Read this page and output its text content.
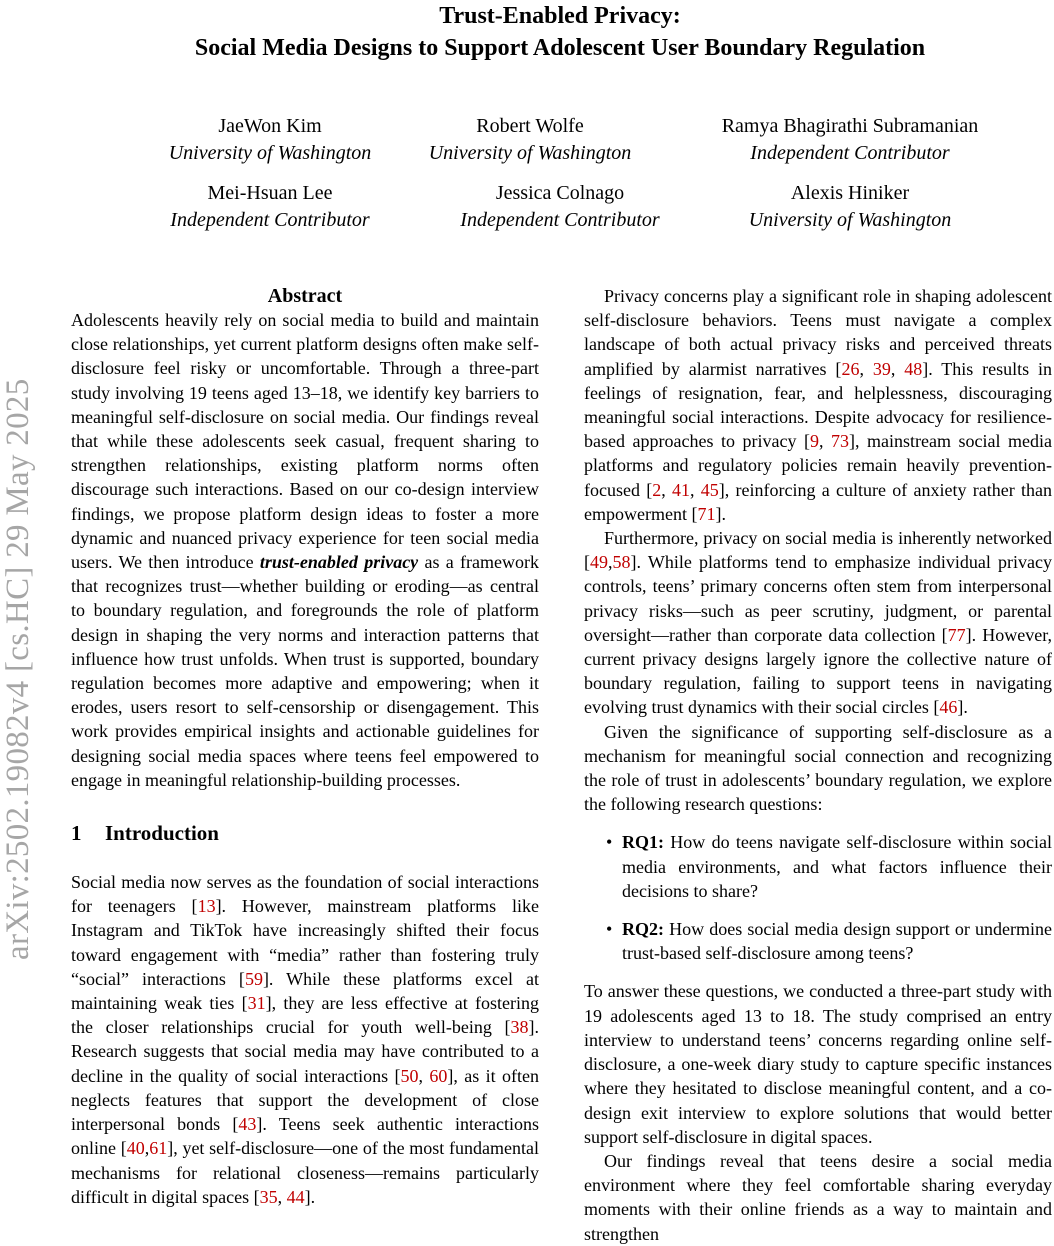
arXiv:2502.19082v4 [cs.HC] 29 May 2025
Trust-Enabled Privacy:
Social Media Designs to Support Adolescent User Boundary Regulation
JaeWon Kim
University of Washington
Robert Wolfe
University of Washington
Ramya Bhagirathi Subramanian
Independent Contributor
Mei-Hsuan Lee
Independent Contributor
Jessica Colnago
Independent Contributor
Alexis Hiniker
University of Washington
Abstract

Adolescents heavily rely on social media to build and maintain close relationships, yet current platform designs often make self-disclosure feel risky or uncomfortable. Through a three-part study involving 19 teens aged 13–18, we identify key barriers to meaningful self-disclosure on social media. Our findings reveal that while these adolescents seek casual, frequent sharing to strengthen relationships, existing platform norms often discourage such interactions. Based on our co-design interview findings, we propose platform design ideas to foster a more dynamic and nuanced privacy experience for teen social media users. We then introduce trust-enabled privacy as a framework that recognizes trust—whether building or eroding—as central to boundary regulation, and foregrounds the role of platform design in shaping the very norms and interaction patterns that influence how trust unfolds. When trust is supported, boundary regulation becomes more adaptive and empowering; when it erodes, users resort to self-censorship or disengagement. This work provides empirical insights and actionable guidelines for designing social media spaces where teens feel empowered to engage in meaningful relationship-building processes.

1 Introduction

Social media now serves as the foundation of social interactions for teenagers [13]. However, mainstream platforms like Instagram and TikTok have increasingly shifted their focus toward engagement with “media” rather than fostering truly “social” interactions [59]. While these platforms excel at maintaining weak ties [31], they are less effective at fostering the closer relationships crucial for youth well-being [38]. Research suggests that social media may have contributed to a decline in the quality of social interactions [50, 60], as it often neglects features that support the development of close interpersonal bonds [43]. Teens seek authentic interactions online [40,61], yet self-disclosure—one of the most fundamental mechanisms for relational closeness—remains particularly difficult in digital spaces [35, 44].

Privacy concerns play a significant role in shaping adolescent self-disclosure behaviors. Teens must navigate a complex landscape of both actual privacy risks and perceived threats amplified by alarmist narratives [26, 39, 48]. This results in feelings of resignation, fear, and helplessness, discouraging meaningful social interactions. Despite advocacy for resilience-based approaches to privacy [9, 73], mainstream social media platforms and regulatory policies remain heavily prevention-focused [2, 41, 45], reinforcing a culture of anxiety rather than empowerment [71].

Furthermore, privacy on social media is inherently networked [49,58]. While platforms tend to emphasize individual privacy controls, teens’ primary concerns often stem from interpersonal privacy risks—such as peer scrutiny, judgment, or parental oversight—rather than corporate data collection [77]. However, current privacy designs largely ignore the collective nature of boundary regulation, failing to support teens in navigating evolving trust dynamics with their social circles [46].

Given the significance of supporting self-disclosure as a mechanism for meaningful social connection and recognizing the role of trust in adolescents’ boundary regulation, we explore the following research questions:

• RQ1: How do teens navigate self-disclosure within social media environments, and what factors influence their decisions to share?
• RQ2: How does social media design support or undermine trust-based self-disclosure among teens?

To answer these questions, we conducted a three-part study with 19 adolescents aged 13 to 18. The study comprised an entry interview to understand teens’ concerns regarding online self-disclosure, a one-week diary study to capture specific instances where they hesitated to disclose meaningful content, and a co-design exit interview to explore solutions that would better support self-disclosure in digital spaces.

Our findings reveal that teens desire a social media environment where they feel comfortable sharing everyday moments with their online friends as a way to maintain and strengthen
